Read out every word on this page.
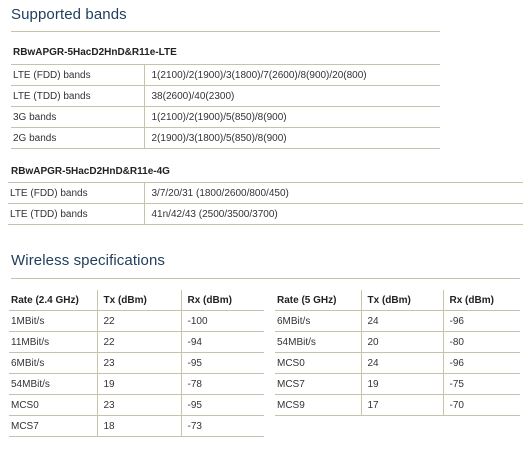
Supported bands
RBwAPGR-5HacD2HnD&R11e-LTE
LTE (FDD) bands	1(2100)/2(1900)/3(1800)/7(2600)/8(900)/20(800)
LTE (TDD) bands	38(2600)/40(2300)
3G bands	1(2100)/2(1900)/5(850)/8(900)
2G bands	2(1900)/3(1800)/5(850)/8(900)
RBwAPGR-5HacD2HnD&R11e-4G
LTE (FDD) bands	3/7/20/31 (1800/2600/800/450)
LTE (TDD) bands	41n/42/43 (2500/3500/3700)
Wireless specifications
Rate (2.4 GHz)	Tx (dBm)	Rx (dBm)
1MBit/s	22	-100
11MBit/s	22	-94
6MBit/s	23	-95
54MBit/s	19	-78
MCS0	23	-95
MCS7	18	-73
Rate (5 GHz)	Tx (dBm)	Rx (dBm)
6MBit/s	24	-96
54MBit/s	20	-80
MCS0	24	-96
MCS7	19	-75
MCS9	17	-70
